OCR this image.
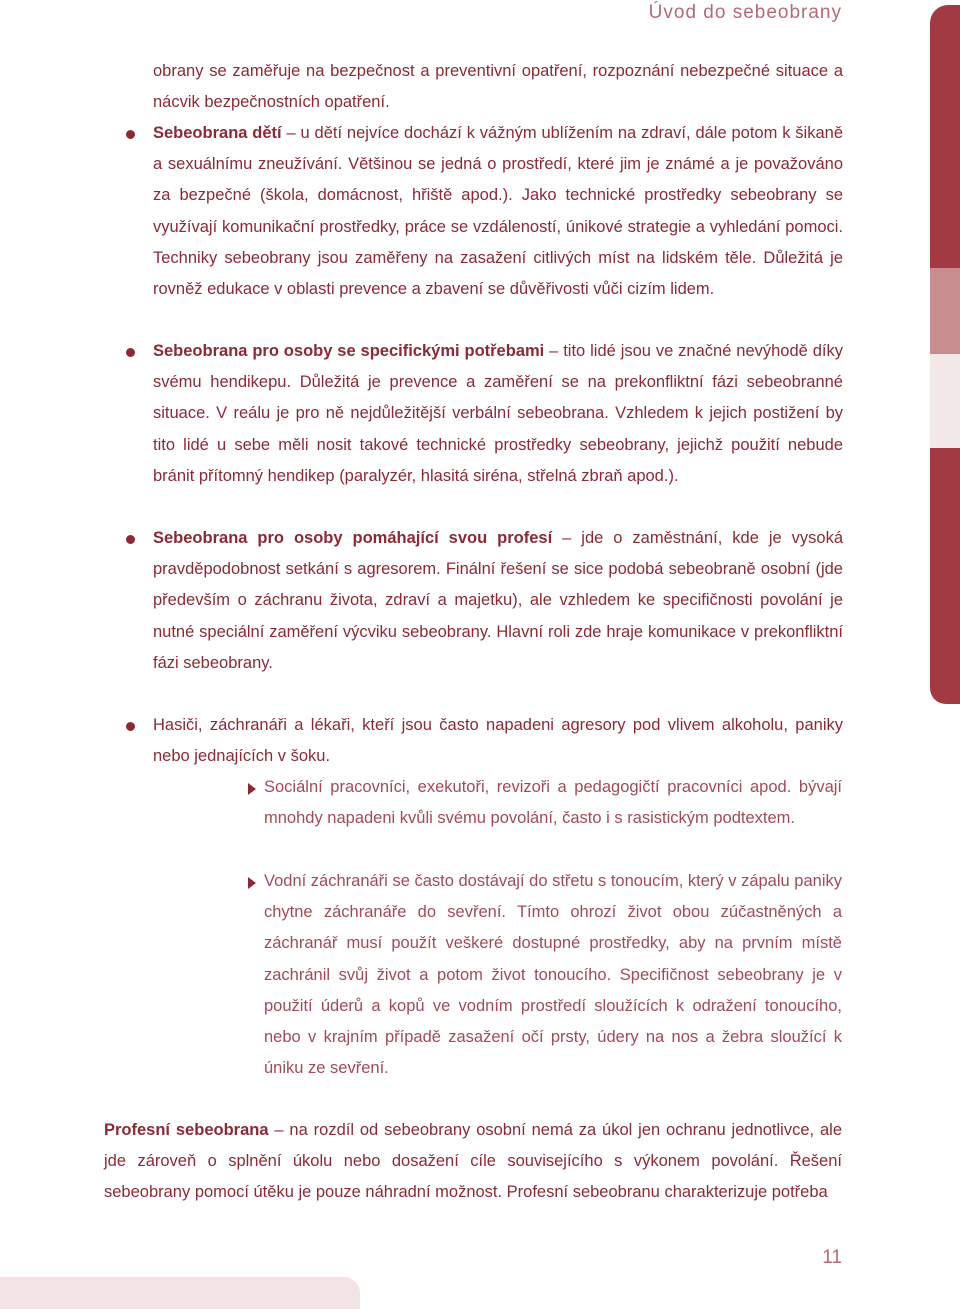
Úvod do sebeobrany

obrany se zaměřuje na bezpečnost a preventivní opatření, rozpoznání nebezpečné situace a nácvik bezpečnostních opatření.

Sebeobrana dětí – u dětí nejvíce dochází k vážným ublížením na zdraví, dále potom k šikaně a sexuálnímu zneužívání. Většinou se jedná o prostředí, které jim je známé a je považováno za bezpečné (škola, domácnost, hřiště apod.). Jako technické prostředky sebeobrany se využívají komunikační prostředky, práce se vzdáleností, únikové strategie a vyhledání pomoci. Techniky sebeobrany jsou zaměřeny na zasažení citlivých míst na lidském těle. Důležitá je rovněž edukace v oblasti prevence a zbavení se důvěřivosti vůči cizím lidem.

Sebeobrana pro osoby se specifickými potřebami – tito lidé jsou ve značné nevýhodě díky svému hendikepu. Důležitá je prevence a zaměření se na prekonfliktní fázi sebeobranné situace. V reálu je pro ně nejdůležitější verbální sebeobrana. Vzhledem k jejich postižení by tito lidé u sebe měli nosit takové technické prostředky sebeobrany, jejichž použití nebude bránit přítomný hendikep (paralyzér, hlasitá siréna, střelná zbraň apod.).

Sebeobrana pro osoby pomáhající svou profesí – jde o zaměstnání, kde je vysoká pravděpodobnost setkání s agresorem. Finální řešení se sice podobá sebeobraně osobní (jde především o záchranu života, zdraví a majetku), ale vzhledem ke specifičnosti povolání je nutné speciální zaměření výcviku sebeobrany. Hlavní roli zde hraje komunikace v prekonfliktní fázi sebeobrany.

Hasiči, záchranáři a lékaři, kteří jsou často napadeni agresory pod vlivem alkoholu, paniky nebo jednajících v šoku.

Sociální pracovníci, exekutoři, revizoři a pedagogičtí pracovníci apod. bývají mnohdy napadeni kvůli svému povolání, často i s rasistickým podtextem.

Vodní záchranáři se často dostávají do střetu s tonoucím, který v zápalu paniky chytne záchranáře do sevření. Tímto ohrozí život obou zúčastněných a záchranář musí použít veškeré dostupné prostředky, aby na prvním místě zachránil svůj život a potom život tonoucího. Specifičnost sebeobrany je v použití úderů a kopů ve vodním prostředí sloužících k odražení tonoucího, nebo v krajním případě zasažení očí prsty, údery na nos a žebra sloužící k úniku ze sevření.

Profesní sebeobrana – na rozdíl od sebeobrany osobní nemá za úkol jen ochranu jednotlivce, ale jde zároveň o splnění úkolu nebo dosažení cíle souvisejícího s výkonem povolání. Řešení sebeobrany pomocí útěku je pouze náhradní možnost. Profesní sebeobranu charakterizuje potřeba

11
